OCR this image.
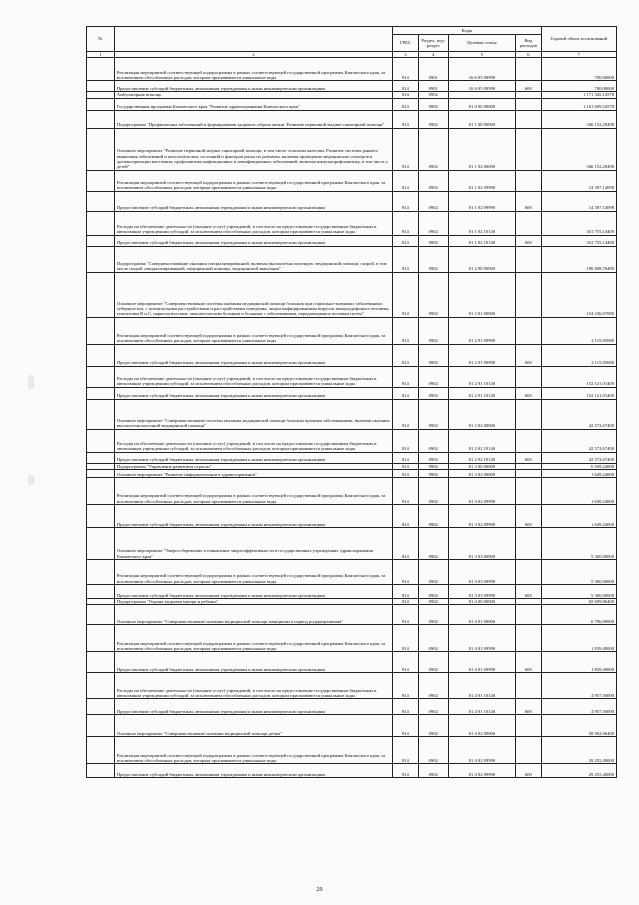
№		Коды				Годовой объем ассигнований
		ГРБС	Раздел, под-раздел	Целевая статья	Вид расходов	
1	2	3	4	5	6	7
	Реализация мероприятий соответствующей подпрограммы в рамках соответствующей государственной программы Камчатского края, за исключением обособленных расходов, которым присваиваются уникальные коды	814	0901	16 6 05 09990		700,00000
	Предоставление субсидий бюджетным, автономным учреждениям и иным некоммерческим организациям	814	0901	16 6 05 09990	600	700,00000
	Амбулаторная помощь	814	0902			1 171 345,14578
	Государственная программа Камчатского края "Развитие здравоохранения Камчатского края"	814	0902	01 0 00 00000		1 161 609,54578
	Подпрограмма "Профилактика заболеваний и формирования здорового образа жизни. Развитие первичной медико-санитарной помощи"	814	0902	01 1 00 00000		346 152,28498
	Основное мероприятие "Развитие первичной медико-санитарной помощи, в том числе сельским жителям. Развитие системы раннего выявления заболеваний и патологических состояний и факторов риска их развития, включая проведение медицинских осмотров и диспансеризации населения, профилактика инфекционных и неинфекционных заболеваний, включая иммунопрофилактику, в том числе у детей"	814	0902	01 1 02 00000		346 152,28498
	Реализация мероприятий соответствующей подпрограммы в рамках соответствующей государственной программы Камчатского края, за исключением обособленных расходов, которым присваиваются уникальные коды	814	0902	01 1 02 09990		14 397,14098
	Предоставление субсидий бюджетным, автономным учреждениям и иным некоммерческим организациям	814	0902	01 1 02 09990	600	14 397,14098
	Расходы на обеспечение деятельности (оказание услуг) учреждений, в том числе на предоставление государственным бюджетным и автономным учреждениям субсидий, за исключением обособленных расходов, которым присваиваются уникальные коды	814	0902	01 1 02 10140		331 755,14400
	Предоставление субсидий бюджетным, автономным учреждениям и иным некоммерческим организациям	814	0902	01 1 02 10140	600	331 755,14400
	Подпрограмма "Совершенствование оказания специализированной, включая высокотехнологичную, медицинской помощи, скорой, в том числе скорой специализированной, медицинской помощи, медицинской эвакуации"	814	0902	01 2 00 00000		196 808,76480
	Основное мероприятие "Совершенствование системы оказания медицинской помощи больным при социально-значимых заболеваниях: туберкулезом, с психическими расстройствами и расстройствами поведения, лицам инфицированным вирусом иммунодефицита человека, гепатитами B и C, наркологическим, онкологическим больным и больным с заболеваниями, передающимися половым путем"	814	0902	01 2 01 00000		154 236,07080
	Реализация мероприятий соответствующей подпрограммы в рамках соответствующей государственной программы Камчатского края, за исключением обособленных расходов, которым присваиваются уникальные коды	814	0902	01 2 01 09990		2 115,05680
	Предоставление субсидий бюджетным, автономным учреждениям и иным некоммерческим организациям	814	0902	01 2 01 09990	600	2 115,05680
	Расходы на обеспечение деятельности (оказание услуг) учреждений, в том числе на предоставление государственным бюджетным и автономным учреждениям субсидий, за исключением обособленных расходов, которым присваиваются уникальные коды	814	0902	01 2 01 10140		152 121,01400
	Предоставление субсидий бюджетным, автономным учреждениям и иным некоммерческим организациям	814	0902	01 2 01 10140	600	152 121,01400
	Основное мероприятие "Совершенствование системы оказания медицинской помощи больным прочими заболеваниями, включая оказание высокотехнологичной медицинской помощи"	814	0902	01 2 02 00000		42 572,67400
	Расходы на обеспечение деятельности (оказание услуг) учреждений, в том числе на предоставление государственным бюджетным и автономным учреждениям субсидий, за исключением обособленных расходов, которым присваиваются уникальные коды	814	0902	01 2 02 10140		42 572,67400
	Предоставление субсидий бюджетным, автономным учреждениям и иным некоммерческим организациям	814	0902	01 2 02 10140	600	42 572,67400
	Подпрограмма "Управление развитием отрасли"	814	0902	01 3 00 00000		6 949,24000
	Основное мероприятие "Развитие информатизации в здравоохранении"	814	0902	01 3 02 00000		1 649,24000
	Реализация мероприятий соответствующей подпрограммы в рамках соответствующей государственной программы Камчатского края, за исключением обособленных расходов, которым присваиваются уникальные коды	814	0902	01 3 02 09990		1 649,24000
	Предоставление субсидий бюджетным, автономным учреждениям и иным некоммерческим организациям	814	0902	01 3 02 09990	600	1 649,24000
	Основное мероприятие "Энергосбережение и повышение энергоэффективности в государственных учреждениях здравоохранения Камчатского края"	814	0902	01 3 03 00000		5 300,00000
	Реализация мероприятий соответствующей подпрограммы в рамках соответствующей государственной программы Камчатского края, за исключением обособленных расходов, которым присваиваются уникальные коды	814	0902	01 3 03 09990		5 300,00000
	Предоставление субсидий бюджетным, автономным учреждениям и иным некоммерческим организациям	814	0902	01 3 03 09990	600	5 300,00000
	Подпрограмма "Охрана здоровья матери и ребенка"	814	0902	01 4 00 00000		65 699,86400
	Основное мероприятие "Совершенствование оказания медицинской помощи женщинам в период родоразрешения"	814	0902	01 4 01 00000		6 796,90000
	Реализация мероприятий соответствующей подпрограммы в рамках соответствующей государственной программы Камчатского края, за исключением обособленных расходов, которым присваиваются уникальные коды	814	0902	01 4 01 09990		1 839,40000
	Предоставление субсидий бюджетным, автономным учреждениям и иным некоммерческим организациям	814	0902	01 4 01 09990	600	1 839,40000
	Расходы на обеспечение деятельности (оказание услуг) учреждений, в том числе на предоставление государственным бюджетным и автономным учреждениям субсидий, за исключением обособленных расходов, которым присваиваются уникальные коды	814	0902	01 4 01 10140		4 957,50000
	Предоставление субсидий бюджетным, автономным учреждениям и иным некоммерческим организациям	814	0902	01 4 01 10140	600	4 957,50000
	Основное мероприятие "Совершенствование оказания медицинской помощи детям"	814	0902	01 4 02 00000		58 902,96400
	Реализация мероприятий соответствующей подпрограммы в рамках соответствующей государственной программы Камчатского края, за исключением обособленных расходов, которым присваиваются уникальные коды	814	0902	01 4 02 09990		29 255,40000
	Предоставление субсидий бюджетным, автономным учреждениям и иным некоммерческим организациям	814	0902	01 4 02 09990	600	29 255,40000
29
